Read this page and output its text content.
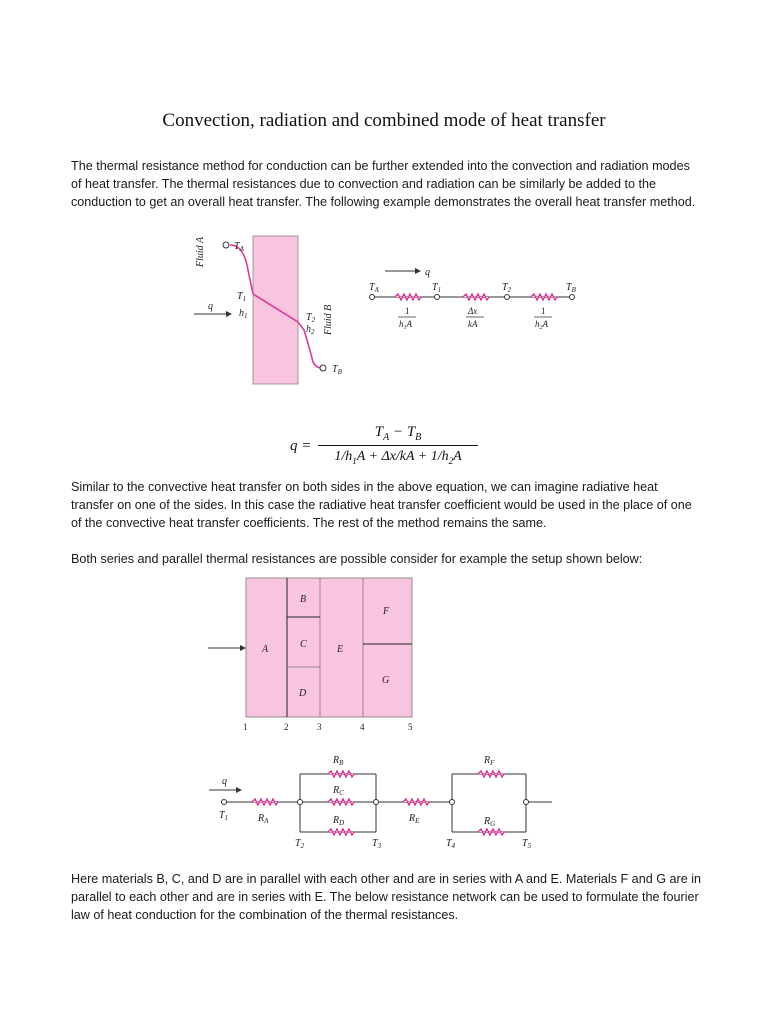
Convection, radiation and combined mode of heat transfer

The thermal resistance method for conduction can be further extended into the convection and radiation modes of heat transfer. The thermal resistances due to convection and radiation can be similarly be added to the conduction to get an overall heat transfer. The following example demonstrates the overall heat transfer method.

Fluid A
Fluid B
$T_A$
$T_1$
$h_1$	$T_2$
$h_2$
$T_B$
q
q
$T_A$	$T_1$	$T_2$	$T_B$
1
$h_1A$
Δx
kA
1
$h_2A$
$q = \frac{T_A - T_B}{1/h_1A + \Delta x/kA + 1/h_2A}$

Similar to the convective heat transfer on both sides in the above equation, we can imagine radiative heat transfer on one of the sides. In this case the radiative heat transfer coefficient would be used in the place of one of the convective heat transfer coefficients. The rest of the method remains the same.

Both series and parallel thermal resistances are possible consider for example the setup shown below:

A
B
C
D
E
F
G
1	2	3	4	5
q
$T_1$
$T_2$	$T_3$	$T_4$	$T_5$
$R_A$
$R_B$
$R_C$
$R_D$	$R_E$
$R_F$
$R_G$

Here materials B, C, and D are in parallel with each other and are in series with A and E. Materials F and G are in parallel to each other and are in series with E. The below resistance network can be used to formulate the fourier law of heat conduction for the combination of the thermal resistances.
